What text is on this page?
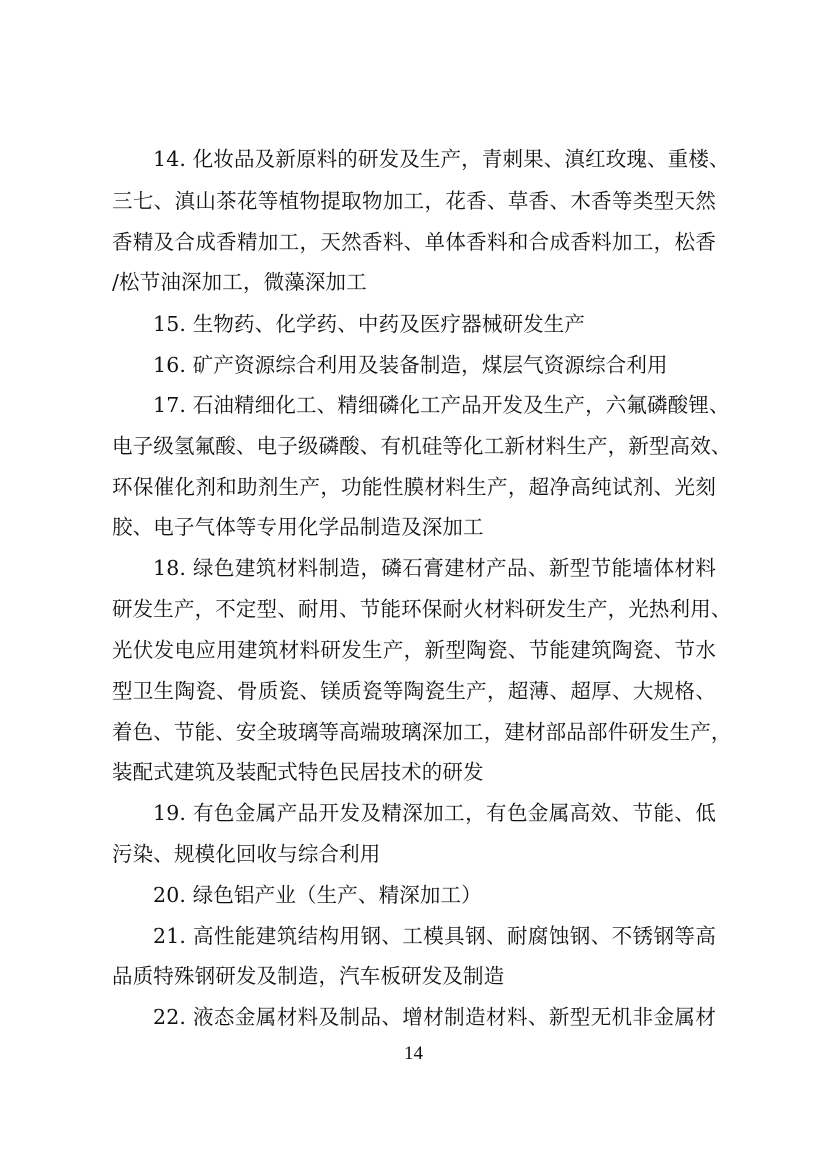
14. 化妆品及新原料的研发及生产，青刺果、滇红玫瑰、重楼、
三七、滇山茶花等植物提取物加工，花香、草香、木香等类型天然
香精及合成香精加工，天然香料、单体香料和合成香料加工，松香
/松节油深加工，微藻深加工
15. 生物药、化学药、中药及医疗器械研发生产
16. 矿产资源综合利用及装备制造，煤层气资源综合利用
17. 石油精细化工、精细磷化工产品开发及生产，六氟磷酸锂、
电子级氢氟酸、电子级磷酸、有机硅等化工新材料生产，新型高效、
环保催化剂和助剂生产，功能性膜材料生产，超净高纯试剂、光刻
胶、电子气体等专用化学品制造及深加工
18. 绿色建筑材料制造，磷石膏建材产品、新型节能墙体材料
研发生产，不定型、耐用、节能环保耐火材料研发生产，光热利用、
光伏发电应用建筑材料研发生产，新型陶瓷、节能建筑陶瓷、节水
型卫生陶瓷、骨质瓷、镁质瓷等陶瓷生产，超薄、超厚、大规格、
着色、节能、安全玻璃等高端玻璃深加工，建材部品部件研发生产，
装配式建筑及装配式特色民居技术的研发
19. 有色金属产品开发及精深加工，有色金属高效、节能、低
污染、规模化回收与综合利用
20. 绿色铝产业（生产、精深加工）
21. 高性能建筑结构用钢、工模具钢、耐腐蚀钢、不锈钢等高
品质特殊钢研发及制造，汽车板研发及制造
22. 液态金属材料及制品、增材制造材料、新型无机非金属材
14
